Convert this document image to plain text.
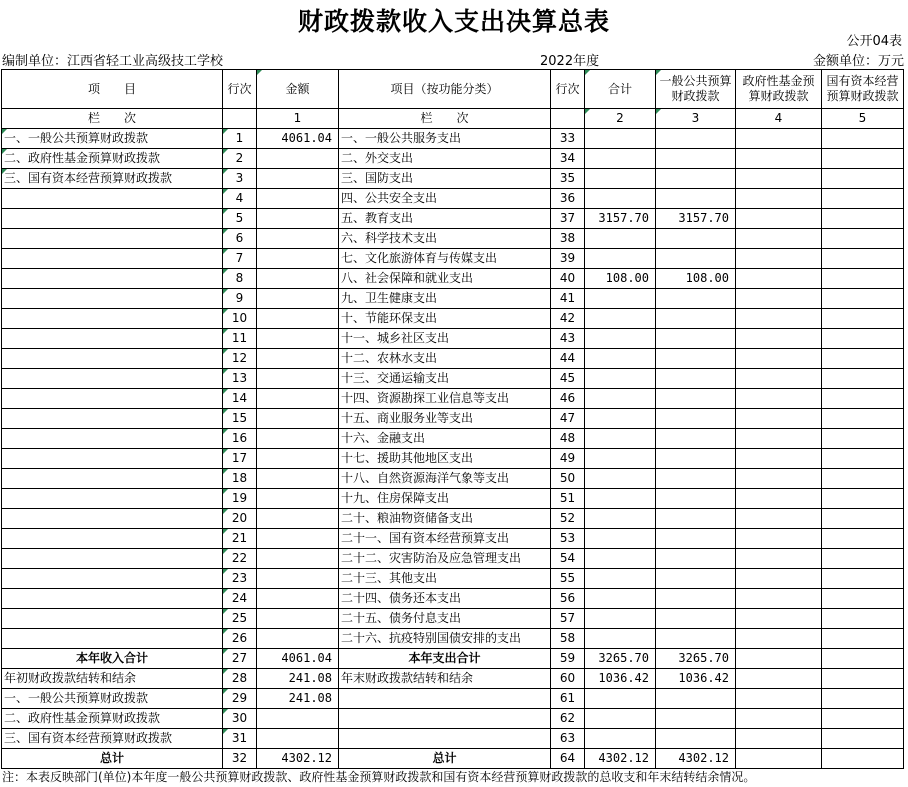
财政拨款收入支出决算总表
公开04表
编制单位：江西省轻工业高级技工学校	2022年度	金额单位：万元
项　　目	行次	金额	项目（按功能分类）	行次	合计	一般公共预算财政拨款	政府性基金预算财政拨款	国有资本经营预算财政拨款
栏　　次		1	栏　　次		2	3	4	5
一、一般公共预算财政拨款	1	4061.04	一、一般公共服务支出	33				
二、政府性基金预算财政拨款	2		二、外交支出	34				
三、国有资本经营预算财政拨款	3		三、国防支出	35				
	4		四、公共安全支出	36				
	5		五、教育支出	37	3157.70	3157.70		
	6		六、科学技术支出	38				
	7		七、文化旅游体育与传媒支出	39				
	8		八、社会保障和就业支出	40	108.00	108.00		
	9		九、卫生健康支出	41				
	10		十、节能环保支出	42				
	11		十一、城乡社区支出	43				
	12		十二、农林水支出	44				
	13		十三、交通运输支出	45				
	14		十四、资源勘探工业信息等支出	46				
	15		十五、商业服务业等支出	47				
	16		十六、金融支出	48				
	17		十七、援助其他地区支出	49				
	18		十八、自然资源海洋气象等支出	50				
	19		十九、住房保障支出	51				
	20		二十、粮油物资储备支出	52				
	21		二十一、国有资本经营预算支出	53				
	22		二十二、灾害防治及应急管理支出	54				
	23		二十三、其他支出	55				
	24		二十四、债务还本支出	56				
	25		二十五、债务付息支出	57				
	26		二十六、抗疫特别国债安排的支出	58				
本年收入合计	27	4061.04	本年支出合计	59	3265.70	3265.70		
年初财政拨款结转和结余	28	241.08	年末财政拨款结转和结余	60	1036.42	1036.42		
一、一般公共预算财政拨款	29	241.08		61				
二、政府性基金预算财政拨款	30			62				
三、国有资本经营预算财政拨款	31			63				
总计	32	4302.12	总计	64	4302.12	4302.12		
注：本表反映部门(单位)本年度一般公共预算财政拨款、政府性基金预算财政拨款和国有资本经营预算财政拨款的总收支和年末结转结余情况。
